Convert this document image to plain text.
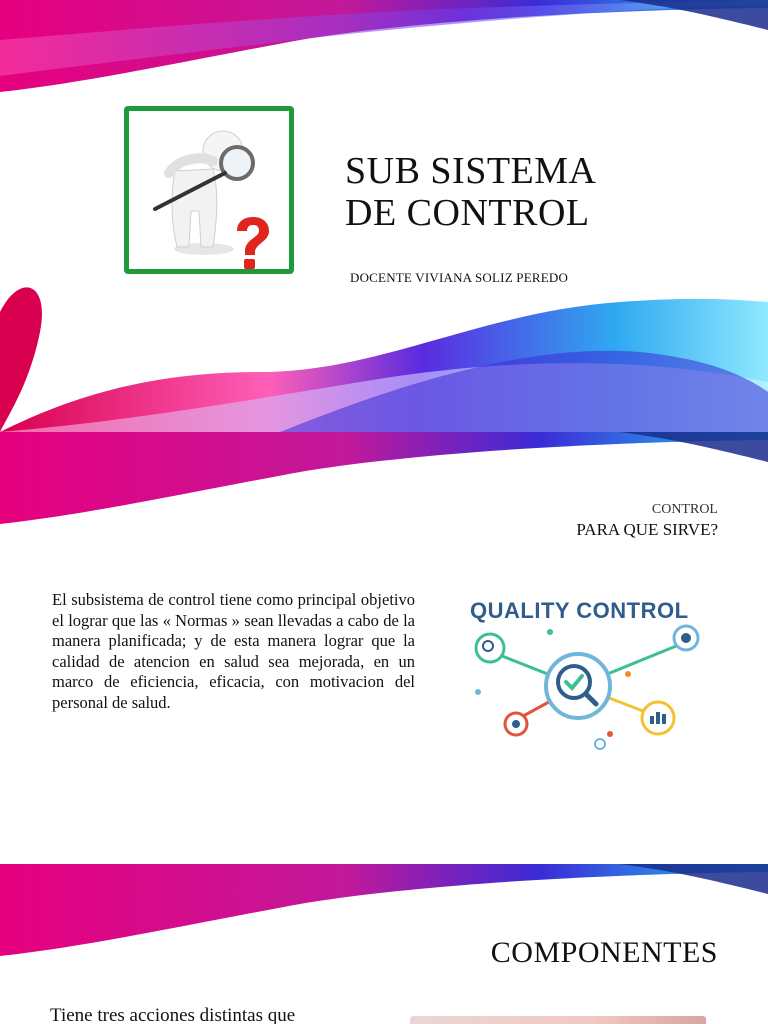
SUB SISTEMA
DE CONTROL
DOCENTE VIVIANA SOLIZ PEREDO
CONTROL
PARA QUE SIRVE?

El subsistema de control tiene como principal objetivo el lograr que las « Normas » sean llevadas a cabo de la manera planificada; y de esta manera lograr que la calidad de atencion en salud sea mejorada, en un marco de eficiencia, eficacia, con motivacion del personal de salud.

QUALITY CONTROL
COMPONENTES
Tiene tres acciones distintas que
